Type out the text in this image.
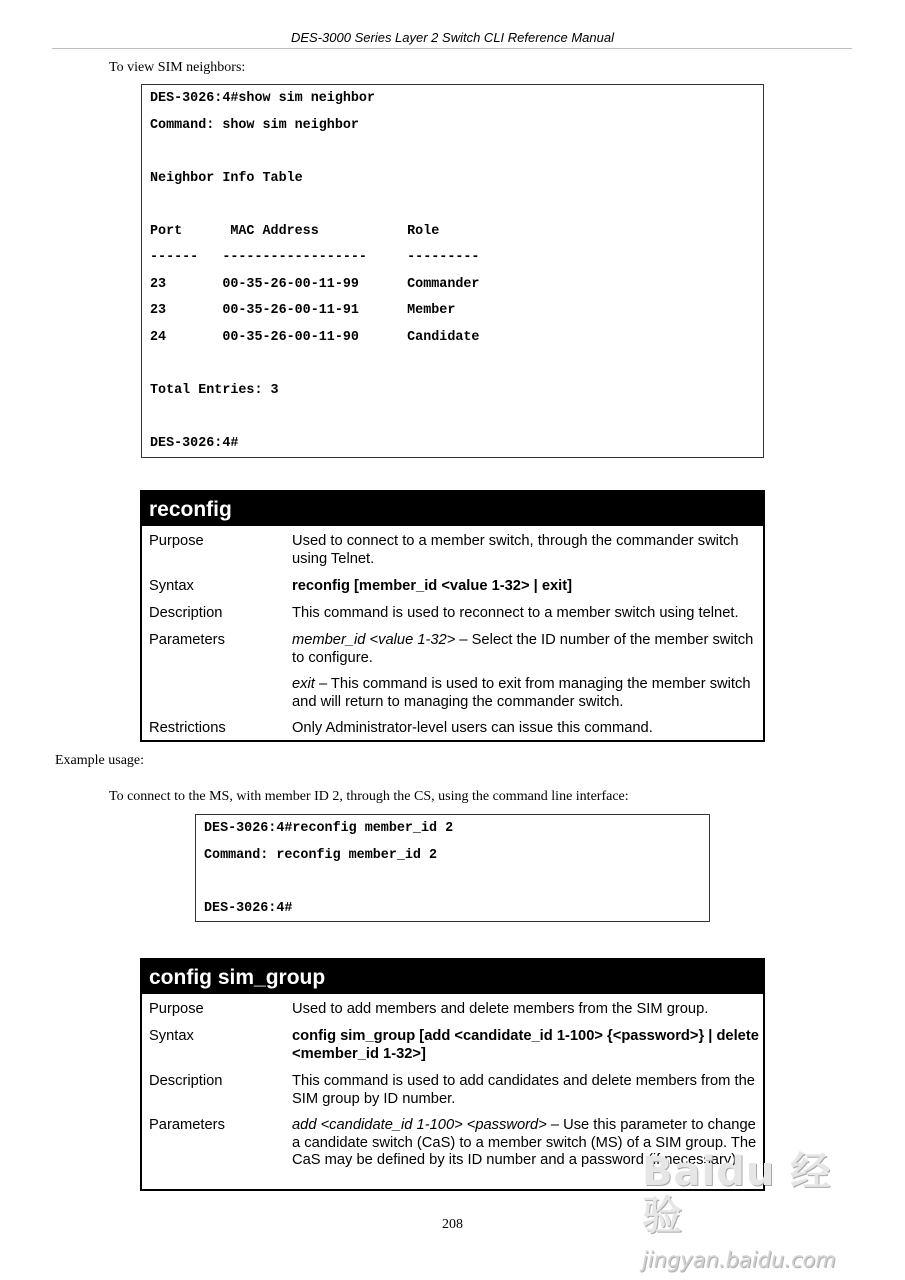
DES-3000 Series Layer 2 Switch CLI Reference Manual
To view SIM neighbors:
DES-3026:4#show sim neighbor
Command: show sim neighbor
Neighbor Info Table
Port      MAC Address           Role
------   ------------------     ---------
23       00-35-26-00-11-99      Commander
23       00-35-26-00-11-91      Member
24       00-35-26-00-11-90      Candidate
Total Entries: 3
DES-3026:4#
reconfig
Purpose	Used to connect to a member switch, through the commander switch using Telnet.
Syntax	reconfig [member_id <value 1-32> | exit]
Description	This command is used to reconnect to a member switch using telnet.
Parameters	member_id <value 1-32> – Select the ID number of the member switch to configure.
exit – This command is used to exit from managing the member switch and will return to managing the commander switch.
Restrictions	Only Administrator-level users can issue this command.
Example usage:
To connect to the MS, with member ID 2, through the CS, using the command line interface:
DES-3026:4#reconfig member_id 2
Command: reconfig member_id 2
DES-3026:4#
config sim_group
Purpose	Used to add members and delete members from the SIM group.
Syntax	config sim_group [add <candidate_id 1-100> {<password>} | delete <member_id 1-32>]
Description	This command is used to add candidates and delete members from the SIM group by ID number.
Parameters	add <candidate_id 1-100> <password> – Use this parameter to change a candidate switch (CaS) to a member switch (MS) of a SIM group. The CaS may be defined by its ID number and a password (if necessary).
208
Baidu 经验
jingyan.baidu.com
